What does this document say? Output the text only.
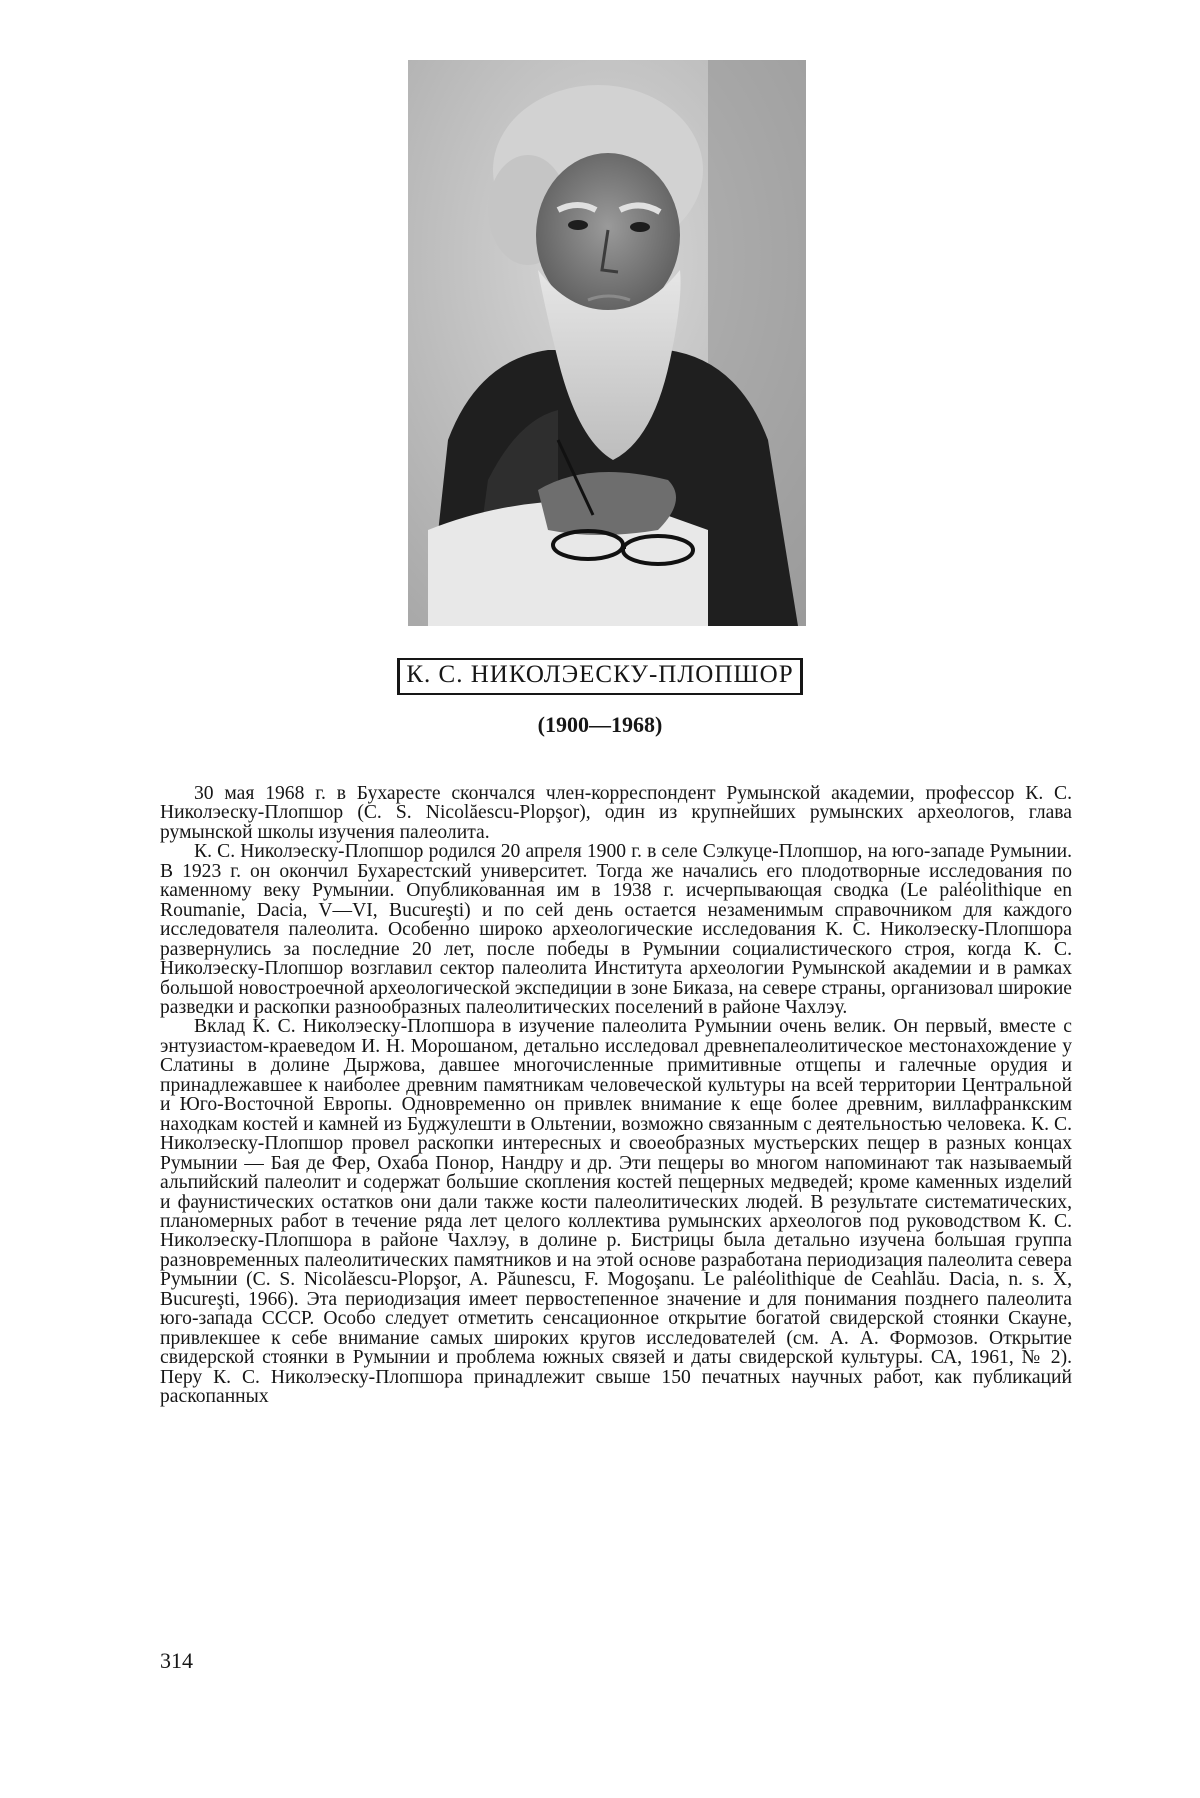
К. С. НИКОЛЭЕСКУ-ПЛОПШОР
(1900—1968)

30 мая 1968 г. в Бухаресте скончался член-корреспондент Румынской академии, профессор К. С. Николэеску-Плопшор (С. S. Nicolăescu-Plopşor), один из крупнейших румынских археологов, глава румынской школы изучения палеолита.

К. С. Николэеску-Плопшор родился 20 апреля 1900 г. в селе Сэлкуце-Плопшор, на юго-западе Румынии. В 1923 г. он окончил Бухарестский университет. Тогда же начались его плодотворные исследования по каменному веку Румынии. Опубликованная им в 1938 г. исчерпывающая сводка (Le paléolithique en Roumanie, Dacia, V—VI, Bucureşti) и по сей день остается незаменимым справочником для каждого исследователя палеолита. Особенно широко археологические исследования К. С. Николэеску-Плопшора развернулись за последние 20 лет, после победы в Румынии социалистического строя, когда К. С. Николэеску-Плопшор возглавил сектор палеолита Института археологии Румынской академии и в рамках большой новостроечной археологической экспедиции в зоне Биказа, на севере страны, организовал широкие разведки и раскопки разнообразных палеолитических поселений в районе Чахлэу.

Вклад К. С. Николэеску-Плопшора в изучение палеолита Румынии очень велик. Он первый, вместе с энтузиастом-краеведом И. Н. Морошаном, детально исследовал древнепалеолитическое местонахождение у Слатины в долине Дыржова, давшее многочисленные примитивные отщепы и галечные орудия и принадлежавшее к наиболее древним памятникам человеческой культуры на всей территории Центральной и Юго-Восточной Европы. Одновременно он привлек внимание к еще более древним, виллафранкским находкам костей и камней из Буджулешти в Ольтении, возможно связанным с деятельностью человека. К. С. Николэеску-Плопшор провел раскопки интересных и своеобразных мустьерских пещер в разных концах Румынии — Бая де Фер, Охаба Понор, Нандру и др. Эти пещеры во многом напоминают так называемый альпийский палеолит и содержат большие скопления костей пещерных медведей; кроме каменных изделий и фаунистических остатков они дали также кости палеолитических людей. В результате систематических, планомерных работ в течение ряда лет целого коллектива румынских археологов под руководством К. С. Николэеску-Плопшора в районе Чахлэу, в долине р. Бистрицы была детально изучена большая группа разновременных палеолитических памятников и на этой основе разработана периодизация палеолита севера Румынии (С. S. Nicolăescu-Plopşor, A. Păunescu, F. Mogoşanu. Le paléolithique de Ceahlău. Dacia, n. s. X, Bucureşti, 1966). Эта периодизация имеет первостепенное значение и для понимания позднего палеолита юго-запада СССР. Особо следует отметить сенсационное открытие богатой свидерской стоянки Скауне, привлекшее к себе внимание самых широких кругов исследователей (см. А. А. Формозов. Открытие свидерской стоянки в Румынии и проблема южных связей и даты свидерской культуры. СА, 1961, № 2). Перу К. С. Николэеску-Плопшора принадлежит свыше 150 печатных научных работ, как публикаций раскопанных

314
